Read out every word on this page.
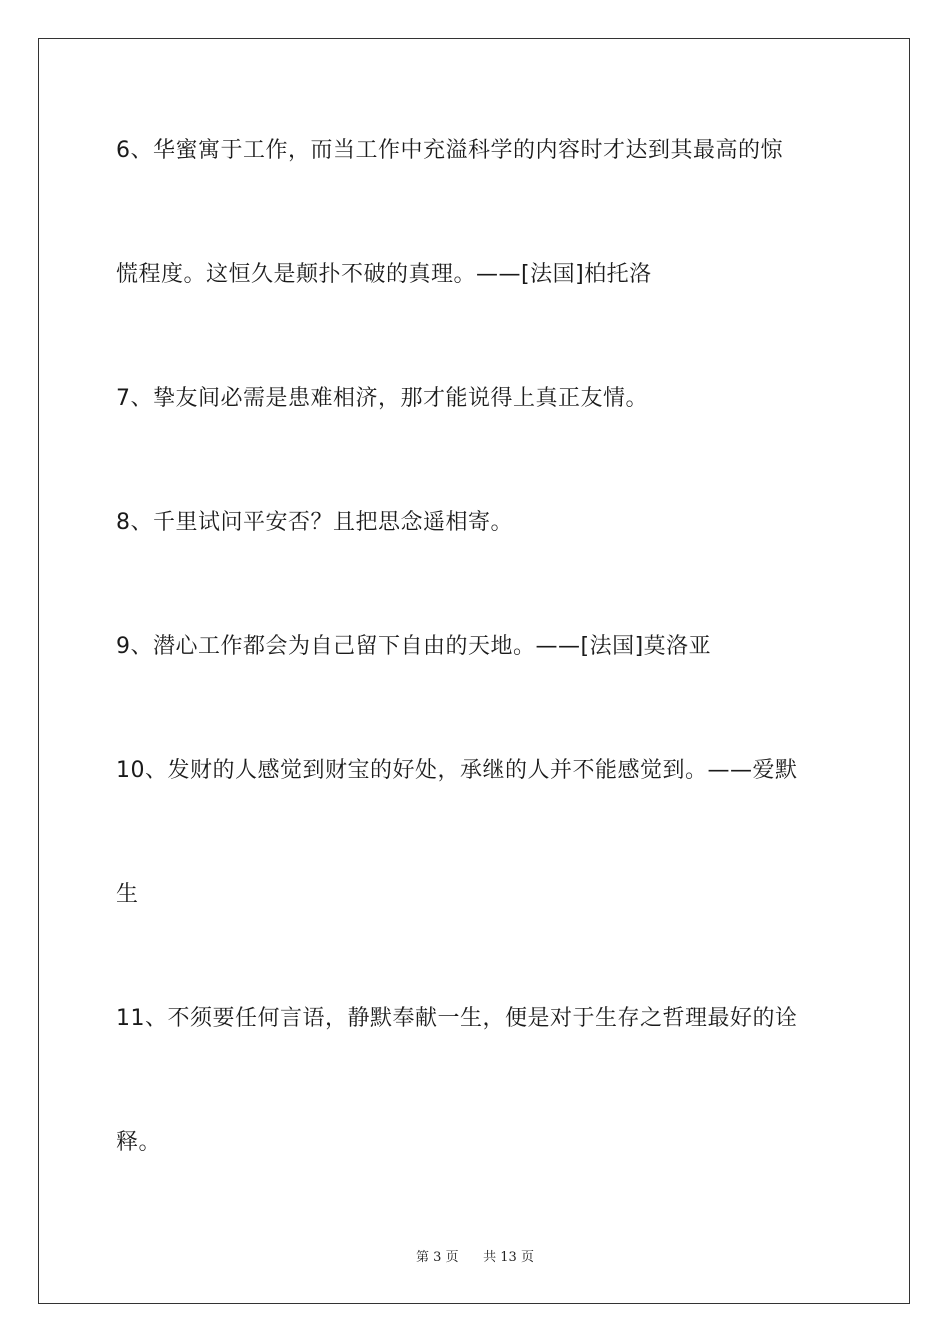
6、华蜜寓于工作，而当工作中充溢科学的内容时才达到其最高的惊
慌程度。这恒久是颠扑不破的真理。——[法国]柏托洛
7、挚友间必需是患难相济，那才能说得上真正友情。
8、千里试问平安否？且把思念遥相寄。
9、潜心工作都会为自己留下自由的天地。——[法国]莫洛亚
10、发财的人感觉到财宝的好处，承继的人并不能感觉到。——爱默
生
11、不须要任何言语，静默奉献一生，便是对于生存之哲理最好的诠
释。
第 3 页 共 13 页
